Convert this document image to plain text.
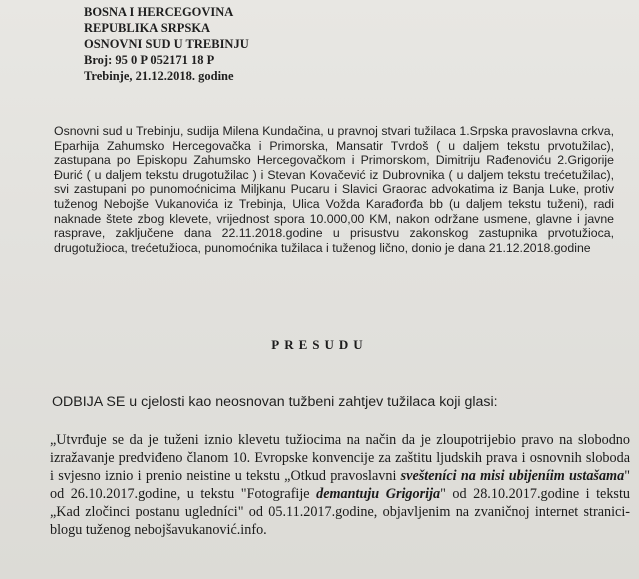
BOSNA I HERCEGOVINA
REPUBLIKA SRPSKA
OSNOVNI SUD U TREBINJU
Broj: 95 0 P 052171 18 P
Trebinje, 21.12.2018. godine
Osnovni sud u Trebinju, sudija Milena Kundačina, u pravnoj stvari tužilaca 1.Srpska pravoslavna crkva, Eparhija Zahumsko Hercegovačka i Primorska, Mansatir Tvrdoš ( u daljem tekstu prvotužilac), zastupana po Episkopu Zahumsko Hercegovačkom i Primorskom, Dimitriju Rađenoviću 2.Grigorije Đurić ( u daljem tekstu drugotužilac ) i Stevan Kovačević iz Dubrovnika ( u daljem tekstu trećetužilac), svi zastupani po punomoćnicima Miljkanu Pucaru i Slavici Graorac advokatima iz Banja Luke, protiv tuženog Nebojše Vukanovića iz Trebinja, Ulica Vožda Karađorđa bb (u daljem tekstu tuženi), radi naknade štete zbog klevete, vrijednost spora 10.000,00 KM, nakon održane usmene, glavne i javne rasprave, zaključene dana 22.11.2018.godine u prisustvu zakonskog zastupnika prvotužioca, drugotužioca, trećetužioca, punomoćnika tužilaca i tuženog lično, donio je dana 21.12.2018.godine
PRESUDU
ODBIJA SE u cjelosti kao neosnovan tužbeni zahtjev tužilaca koji glasi:
„Utvrđuje se da je tuženi iznio klevetu tužiocima na način da je zloupotrijebio pravo na slobodno izražavanje predviđeno članom 10. Evropske konvencije za zaštitu ljudskih prava i osnovnih sloboda i svjesno iznio i prenio neistine u tekstu „Otkud pravoslavni svešteníci na misi ubijeníim ustašama" od 26.10.2017.godine, u tekstu "Fotografije demantuju Grigorija" od 28.10.2017.godine i tekstu „Kad zločinci postanu ugledníci" od 05.11.2017.godine, objavljenim na zvaničnoj internet stranici-blogu tuženog nebojšavukanović.info.
